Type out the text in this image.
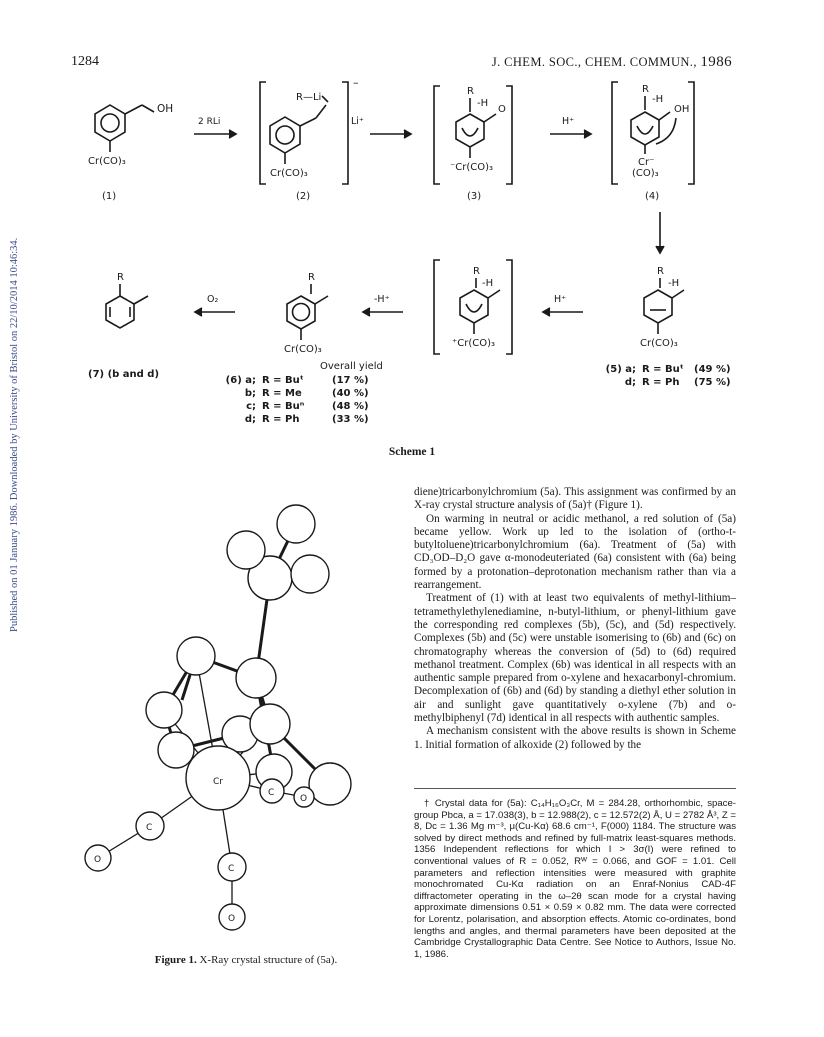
Published on 01 January 1986. Downloaded by University of Bristol on 22/10/2014 10:46:34.
1284	J. CHEM. SOC., CHEM. COMMUN., 1986
OH
Cr(CO)₃
(1)
2 RLi
R—Li
–
Li⁺
Cr(CO)₃
(2)
R
-H
O
⁻Cr(CO)₃
(3)
H⁺
R
-H
OH
Cr⁻
(CO)₃
(4)
R
(7) (b and d)
O₂
R
Cr(CO)₃
Overall yield
(6) a; R = Buᵗ	(17 %)
b; R = Me	(40 %)
c; R = Buⁿ	(48 %)
d; R = Ph	(33 %)
-H⁺
R
-H
⁺Cr(CO)₃
H⁺
R
-H
Cr(CO)₃
(5) a; R = Buᵗ (49 %)
d; R = Ph (75 %)
Scheme 1
Cr
C
O
C
O
C
O
Figure 1. X-Ray crystal structure of (5a).

diene)tricarbonylchromium (5a). This assignment was confirmed by an X-ray crystal structure analysis of (5a)† (Figure 1).

On warming in neutral or acidic methanol, a red solution of (5a) became yellow. Work up led to the isolation of (ortho-t-butyltoluene)tricarbonylchromium (6a). Treatment of (5a) with CD₃OD–D₂O gave α-monodeuteriated (6a) consistent with (6a) being formed by a protonation–deprotonation mechanism rather than via a rearrangement.

Treatment of (1) with at least two equivalents of methyl-lithium–tetramethylethylenediamine, n-butyl-lithium, or phenyl-lithium gave the corresponding red complexes (5b), (5c), and (5d) respectively. Complexes (5b) and (5c) were unstable isomerising to (6b) and (6c) on chromatography whereas the conversion of (5d) to (6d) required methanol treatment. Complex (6b) was identical in all respects with an authentic sample prepared from o-xylene and hexacarbonyl-chromium. Decomplexation of (6b) and (6d) by standing a diethyl ether solution in air and sunlight gave quantitatively o-xylene (7b) and o-methylbiphenyl (7d) identical in all respects with authentic samples.

A mechanism consistent with the above results is shown in Scheme 1. Initial formation of alkoxide (2) followed by the

† Crystal data for (5a): C₁₄H₁₆O₃Cr, M = 284.28, orthorhombic, space-group Pbca, a = 17.038(3), b = 12.988(2), c = 12.572(2) Å, U = 2782 Å³, Z = 8, Dᴄ = 1.36 Mg m⁻³, μ(Cu-Kα) 68.6 cm⁻¹, F(000) 1184. The structure was solved by direct methods and refined by full-matrix least-squares methods. 1356 Independent reflections for which I > 3σ(I) were refined to conventional values of R = 0.052, Rᵂ = 0.066, and GOF = 1.01. Cell parameters and reflection intensities were measured with graphite monochromated Cu-Kα radiation on an Enraf-Nonius CAD-4F diffractometer operating in the ω–2θ scan mode for a crystal having approximate dimensions 0.51 × 0.59 × 0.82 mm. The data were corrected for Lorentz, polarisation, and absorption effects. Atomic co-ordinates, bond lengths and angles, and thermal parameters have been deposited at the Cambridge Crystallographic Data Centre. See Notice to Authors, Issue No. 1, 1986.
